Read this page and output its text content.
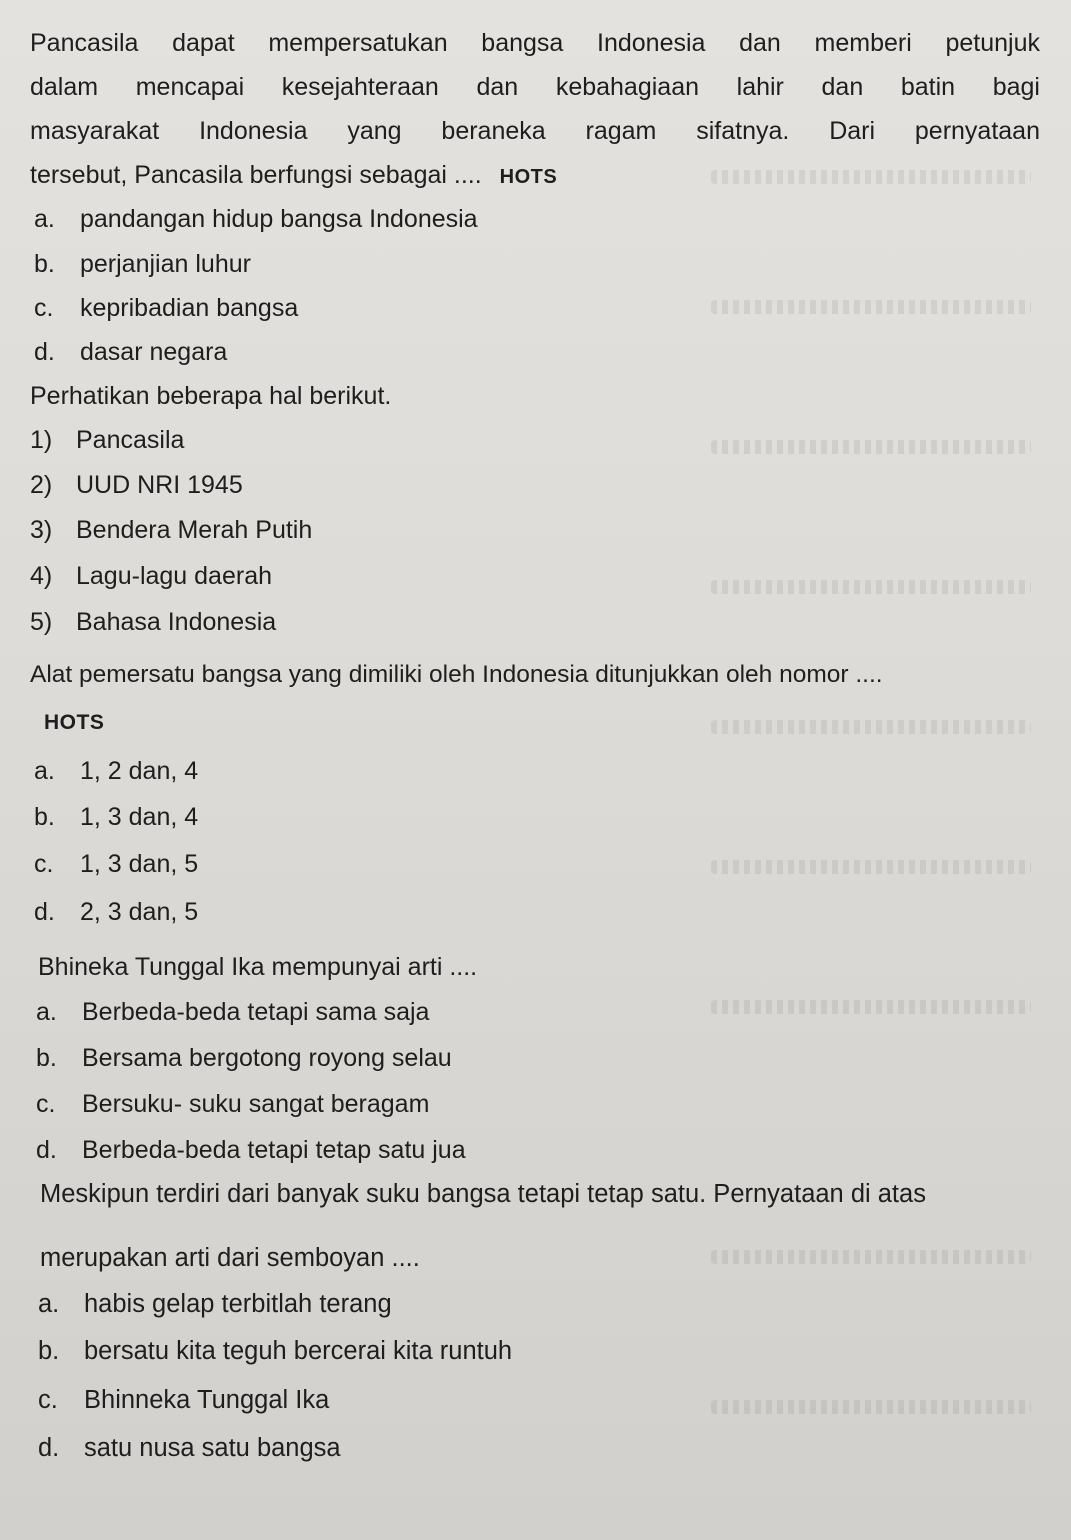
Pancasila dapat mempersatukan bangsa Indonesia dan memberi petunjuk
dalam mencapai kesejahteraan dan kebahagiaan lahir dan batin bagi
masyarakat Indonesia yang beraneka ragam sifatnya. Dari pernyataan
tersebut, Pancasila berfungsi sebagai .... HOTS
a. pandangan hidup bangsa Indonesia
b. perjanjian luhur
c. kepribadian bangsa
d. dasar negara
Perhatikan beberapa hal berikut.
1) Pancasila
2) UUD NRI 1945
3) Bendera Merah Putih
4) Lagu-lagu daerah
5) Bahasa Indonesia
Alat pemersatu bangsa yang dimiliki oleh Indonesia ditunjukkan oleh nomor ....
HOTS
a. 1, 2 dan, 4
b. 1, 3 dan, 4
c. 1, 3 dan, 5
d. 2, 3 dan, 5
Bhineka Tunggal Ika mempunyai arti ....
a. Berbeda-beda tetapi sama saja
b. Bersama bergotong royong selau
c. Bersuku- suku sangat beragam
d. Berbeda-beda tetapi tetap satu jua
Meskipun terdiri dari banyak suku bangsa tetapi tetap satu. Pernyataan di atas
merupakan arti dari semboyan ....
a. habis gelap terbitlah terang
b. bersatu kita teguh bercerai kita runtuh
c. Bhinneka Tunggal Ika
d. satu nusa satu bangsa
